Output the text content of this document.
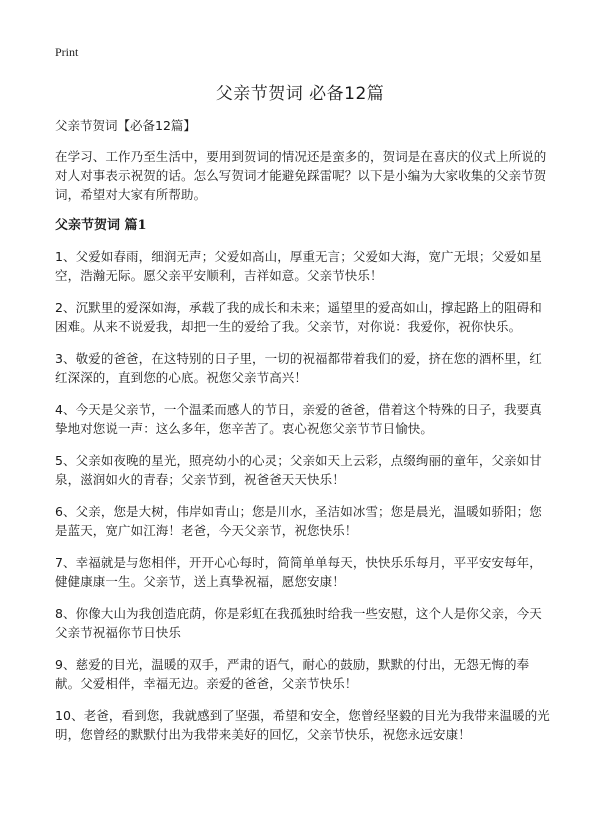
Print
父亲节贺词 必备12篇

父亲节贺词【必备12篇】

在学习、工作乃至生活中，要用到贺词的情况还是蛮多的，贺词是在喜庆的仪式上所说的对人对事表示祝贺的话。怎么写贺词才能避免踩雷呢？以下是小编为大家收集的父亲节贺词，希望对大家有所帮助。

父亲节贺词 篇1

1、父爱如春雨，细润无声；父爱如高山，厚重无言；父爱如大海，宽广无垠；父爱如星空，浩瀚无际。愿父亲平安顺利，吉祥如意。父亲节快乐！

2、沉默里的爱深如海，承载了我的成长和未来；遥望里的爱高如山，撑起路上的阻碍和困难。从来不说爱我，却把一生的爱给了我。父亲节，对你说：我爱你，祝你快乐。

3、敬爱的爸爸，在这特别的日子里，一切的祝福都带着我们的爱，挤在您的酒杯里，红红深深的，直到您的心底。祝您父亲节高兴！

4、今天是父亲节，一个温柔而感人的节日，亲爱的爸爸，借着这个特殊的日子，我要真挚地对您说一声：这么多年，您辛苦了。衷心祝您父亲节节日愉快。

5、父亲如夜晚的星光，照亮幼小的心灵；父亲如天上云彩，点缀绚丽的童年，父亲如甘泉，滋润如火的青春；父亲节到，祝爸爸天天快乐！

6、父亲，您是大树，伟岸如青山；您是川水，圣洁如冰雪；您是晨光，温暖如骄阳；您是蓝天，宽广如江海！老爸，今天父亲节，祝您快乐！

7、幸福就是与您相伴，开开心心每时，简简单单每天，快快乐乐每月，平平安安每年，健健康康一生。父亲节，送上真挚祝福，愿您安康！

8、你像大山为我创造庇荫，你是彩虹在我孤独时给我一些安慰，这个人是你父亲，今天父亲节祝福你节日快乐

9、慈爱的目光，温暖的双手，严肃的语气，耐心的鼓励，默默的付出，无怨无悔的奉献。父爱相伴，幸福无边。亲爱的爸爸，父亲节快乐！

10、老爸，看到您，我就感到了坚强，希望和安全，您曾经坚毅的目光为我带来温暖的光明，您曾经的默默付出为我带来美好的回忆，父亲节快乐，祝您永远安康！
